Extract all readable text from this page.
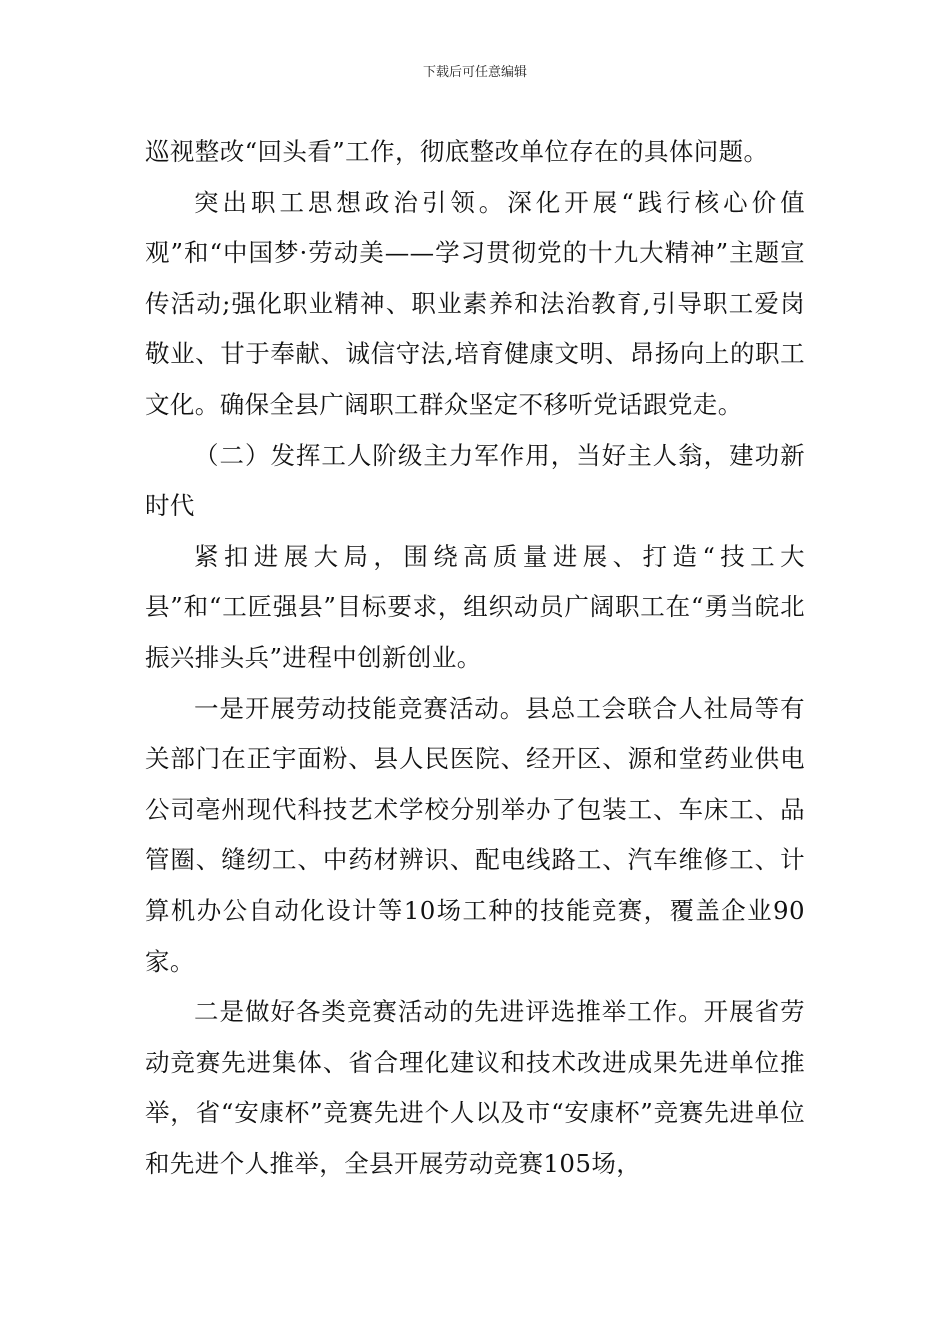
下载后可任意编辑

巡视整改“回头看”工作，彻底整改单位存在的具体问题。

突出职工思想政治引领。深化开展“践行核心价值观”和“中国梦·劳动美——学习贯彻党的十九大精神”主题宣传活动;强化职业精神、职业素养和法治教育,引导职工爱岗敬业、甘于奉献、诚信守法,培育健康文明、昂扬向上的职工文化。确保全县广阔职工群众坚定不移听党话跟党走。

（二）发挥工人阶级主力军作用，当好主人翁，建功新时代

紧扣进展大局，围绕高质量进展、打造“技工大县”和“工匠强县”目标要求，组织动员广阔职工在“勇当皖北振兴排头兵”进程中创新创业。

一是开展劳动技能竞赛活动。县总工会联合人社局等有关部门在正宇面粉、县人民医院、经开区、源和堂药业供电公司亳州现代科技艺术学校分别举办了包装工、车床工、品管圈、缝纫工、中药材辨识、配电线路工、汽车维修工、计算机办公自动化设计等10场工种的技能竞赛，覆盖企业90家。

二是做好各类竞赛活动的先进评选推举工作。开展省劳动竞赛先进集体、省合理化建议和技术改进成果先进单位推举，省“安康杯”竞赛先进个人以及市“安康杯”竞赛先进单位和先进个人推举，全县开展劳动竞赛105场，
